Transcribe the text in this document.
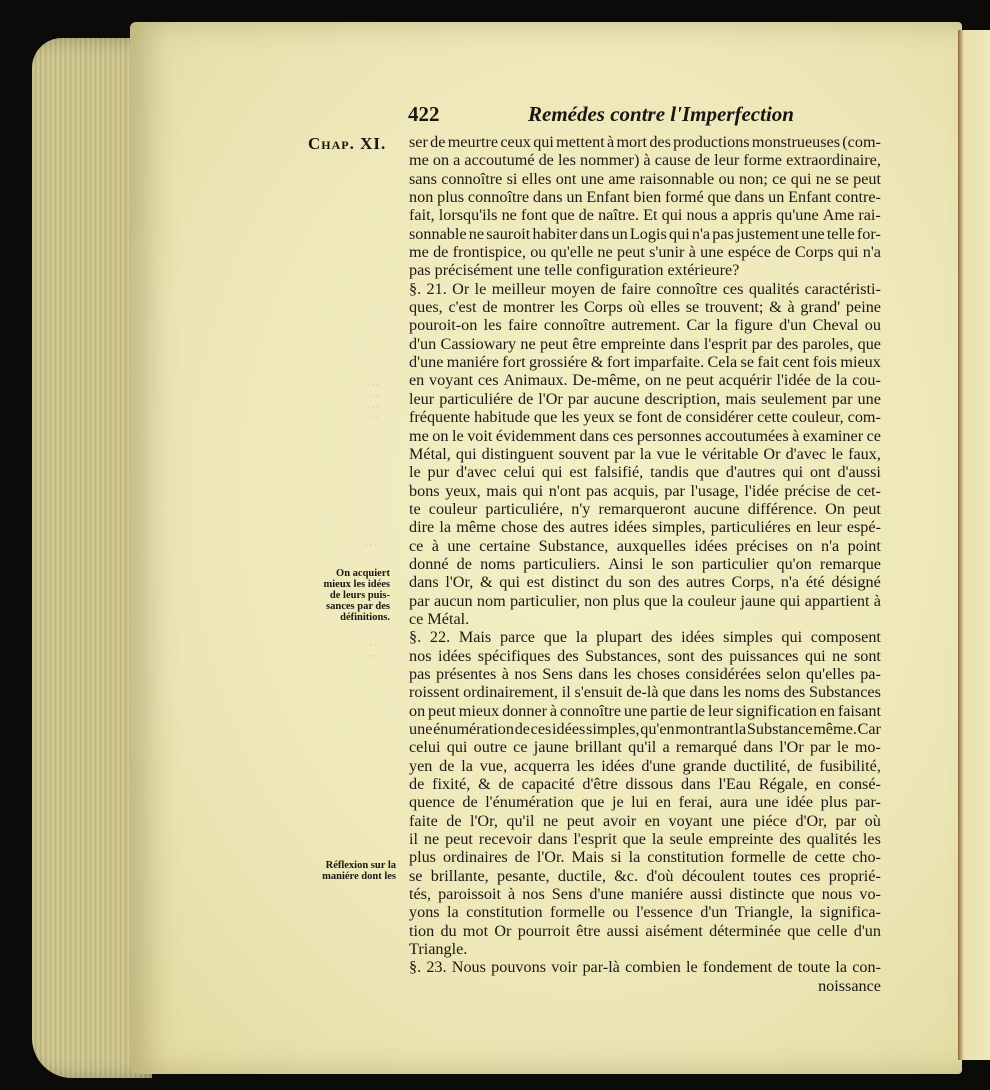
· · ·
· · ·
· · ·
· · ·
· · ·
· · ·
· · ·
422	Remédes contre l'Imperfection
Chap. XI.
On acquiert
mieux les idées
de leurs puis-
sances par des
définitions.
Réflexion sur la
maniére dont les
ser de meurtre ceux qui mettent à mort des productions monstrueuses (com-
me on a accoutumé de les nommer) à cause de leur forme extraordinaire,
sans connoître si elles ont une ame raisonnable ou non; ce qui ne se peut
non plus connoître dans un Enfant bien formé que dans un Enfant contre-
fait, lorsqu'ils ne font que de naître. Et qui nous a appris qu'une Ame rai-
sonnable ne sauroit habiter dans un Logis qui n'a pas justement une telle for-
me de frontispice, ou qu'elle ne peut s'unir à une espéce de Corps qui n'a
pas précisément une telle configuration extérieure?
§. 21. Or le meilleur moyen de faire connoître ces qualités caractéristi-
ques, c'est de montrer les Corps où elles se trouvent; & à grand' peine
pouroit-on les faire connoître autrement. Car la figure d'un Cheval ou
d'un Cassiowary ne peut être empreinte dans l'esprit par des paroles, que
d'une maniére fort grossiére & fort imparfaite. Cela se fait cent fois mieux
en voyant ces Animaux. De-même, on ne peut acquérir l'idée de la cou-
leur particuliére de l'Or par aucune description, mais seulement par une
fréquente habitude que les yeux se font de considérer cette couleur, com-
me on le voit évidemment dans ces personnes accoutumées à examiner ce
Métal, qui distinguent souvent par la vue le véritable Or d'avec le faux,
le pur d'avec celui qui est falsifié, tandis que d'autres qui ont d'aussi
bons yeux, mais qui n'ont pas acquis, par l'usage, l'idée précise de cet-
te couleur particuliére, n'y remarqueront aucune différence. On peut
dire la même chose des autres idées simples, particuliéres en leur espé-
ce à une certaine Substance, auxquelles idées précises on n'a point
donné de noms particuliers. Ainsi le son particulier qu'on remarque
dans l'Or, & qui est distinct du son des autres Corps, n'a été désigné
par aucun nom particulier, non plus que la couleur jaune qui appartient à
ce Métal.
§. 22. Mais parce que la plupart des idées simples qui composent
nos idées spécifiques des Substances, sont des puissances qui ne sont
pas présentes à nos Sens dans les choses considérées selon qu'elles pa-
roissent ordinairement, il s'ensuit de-là que dans les noms des Substances
on peut mieux donner à connoître une partie de leur signification en faisant
une énumération de ces idées simples, qu'en montrant la Substance même. Car
celui qui outre ce jaune brillant qu'il a remarqué dans l'Or par le mo-
yen de la vue, acquerra les idées d'une grande ductilité, de fusibilité,
de fixité, & de capacité d'être dissous dans l'Eau Régale, en consé-
quence de l'énumération que je lui en ferai, aura une idée plus par-
faite de l'Or, qu'il ne peut avoir en voyant une piéce d'Or, par où
il ne peut recevoir dans l'esprit que la seule empreinte des qualités les
plus ordinaires de l'Or. Mais si la constitution formelle de cette cho-
se brillante, pesante, ductile, &c. d'où découlent toutes ces proprié-
tés, paroissoit à nos Sens d'une maniére aussi distincte que nous vo-
yons la constitution formelle ou l'essence d'un Triangle, la significa-
tion du mot Or pourroit être aussi aisément déterminée que celle d'un
Triangle.
§. 23. Nous pouvons voir par-là combien le fondement de toute la con-
noissance
